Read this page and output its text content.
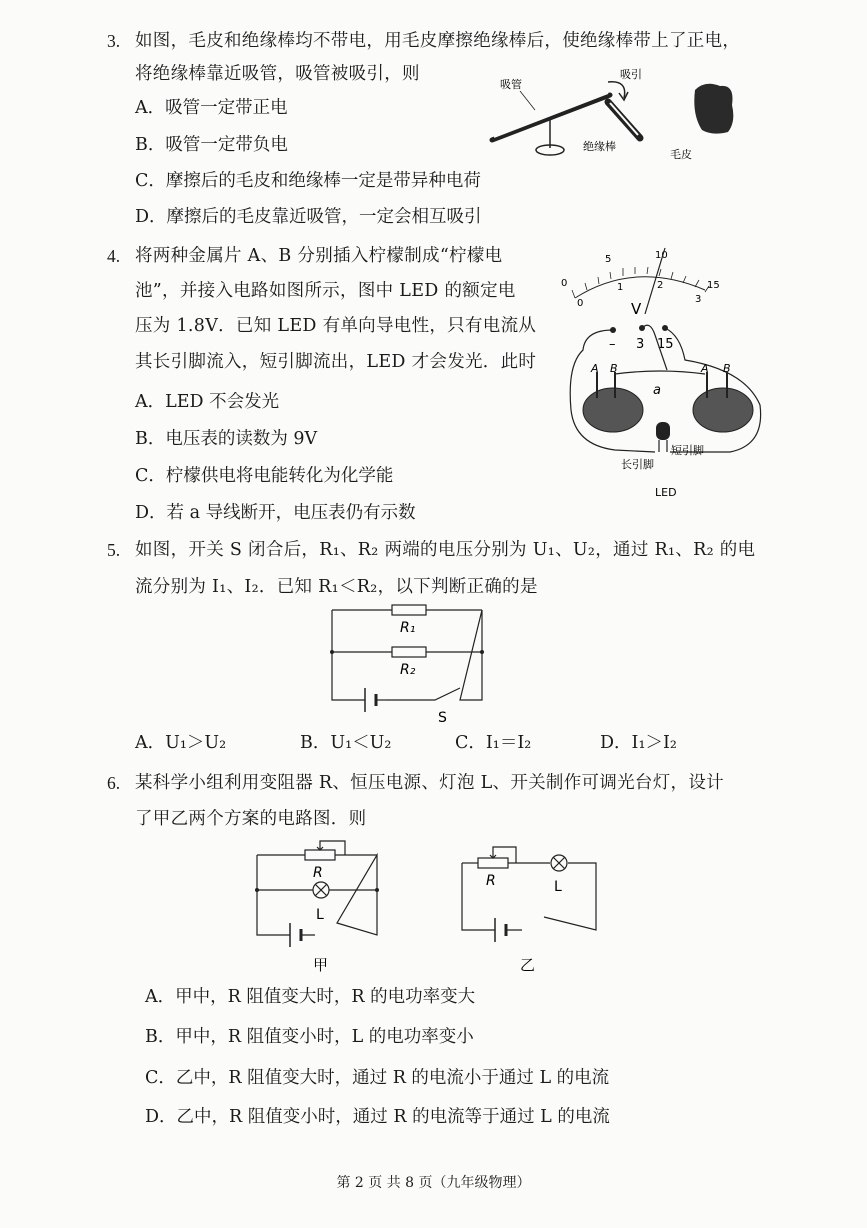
3. 如图，毛皮和绝缘棒均不带电，用毛皮摩擦绝缘棒后，使绝缘棒带上了正电，
将绝缘棒靠近吸管，吸管被吸引，则
A．吸管一定带正电
B．吸管一定带负电
C．摩擦后的毛皮和绝缘棒一定是带异种电荷
D．摩擦后的毛皮靠近吸管，一定会相互吸引
吸管
吸引
绝缘棒
毛皮
4. 将两种金属片 A、B 分别插入柠檬制成“柠檬电
池”，并接入电路如图所示，图中 LED 的额定电
压为 1.8V．已知 LED 有单向导电性，只有电流从
其长引脚流入，短引脚流出，LED 才会发光．此时
A．LED 不会发光
B．电压表的读数为 9V
C．柠檬供电将电能转化为化学能
D．若 a 导线断开，电压表仍有示数
0
5	10
15
0
1	2
3
V
– 3 15
A B	A B
a
长引脚
短引脚
LED
5. 如图，开关 S 闭合后，R₁、R₂ 两端的电压分别为 U₁、U₂，通过 R₁、R₂ 的电
流分别为 I₁、I₂．已知 R₁＜R₂，以下判断正确的是
R₁
R₂
S
A．U₁＞U₂	B．U₁＜U₂	C．I₁＝I₂	D．I₁＞I₂
6. 某科学小组利用变阻器 R、恒压电源、灯泡 L、开关制作可调光台灯，设计
了甲乙两个方案的电路图．则
R
L
甲
R	L
乙
A．甲中，R 阻值变大时，R 的电功率变大
B．甲中，R 阻值变小时，L 的电功率变小
C．乙中，R 阻值变大时，通过 R 的电流小于通过 L 的电流
D．乙中，R 阻值变小时，通过 R 的电流等于通过 L 的电流
第 2 页 共 8 页（九年级物理）
